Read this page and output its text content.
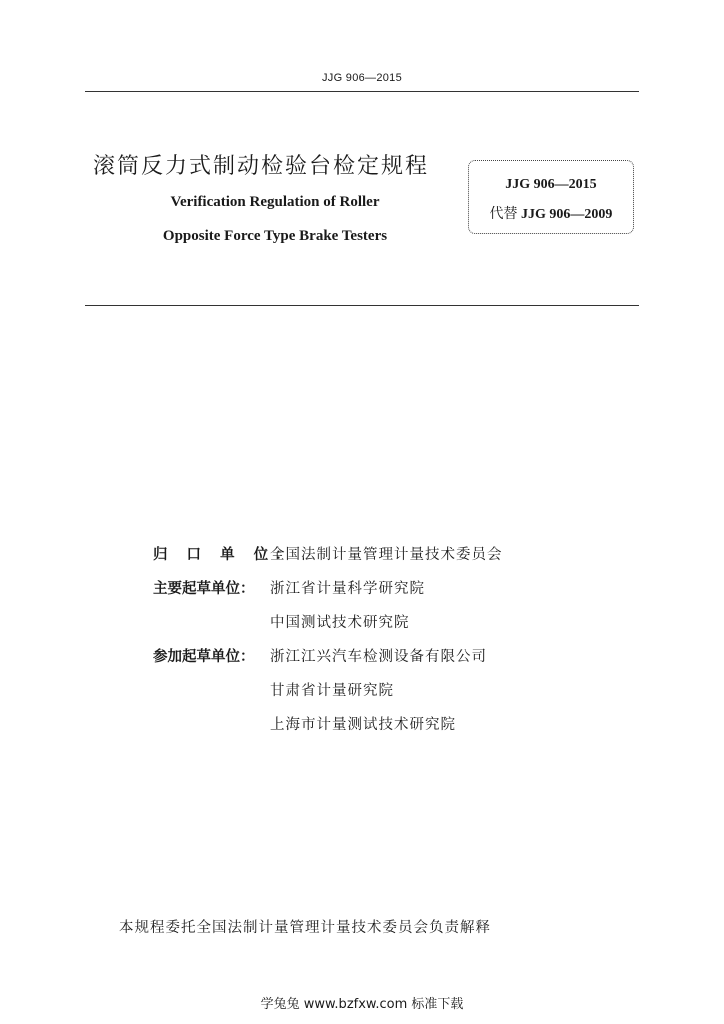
JJG 906—2015
滚筒反力式制动检验台检定规程
Verification Regulation of Roller
Opposite Force Type Brake Testers
JJG 906—2015
代替 JJG 906—2009
归 口 单 位：全国法制计量管理计量技术委员会
主要起草单位： 浙江省计量科学研究院
中国测试技术研究院
参加起草单位： 浙江江兴汽车检测设备有限公司
甘肃省计量研究院
上海市计量测试技术研究院
本规程委托全国法制计量管理计量技术委员会负责解释
学兔兔 www.bzfxw.com 标准下载
